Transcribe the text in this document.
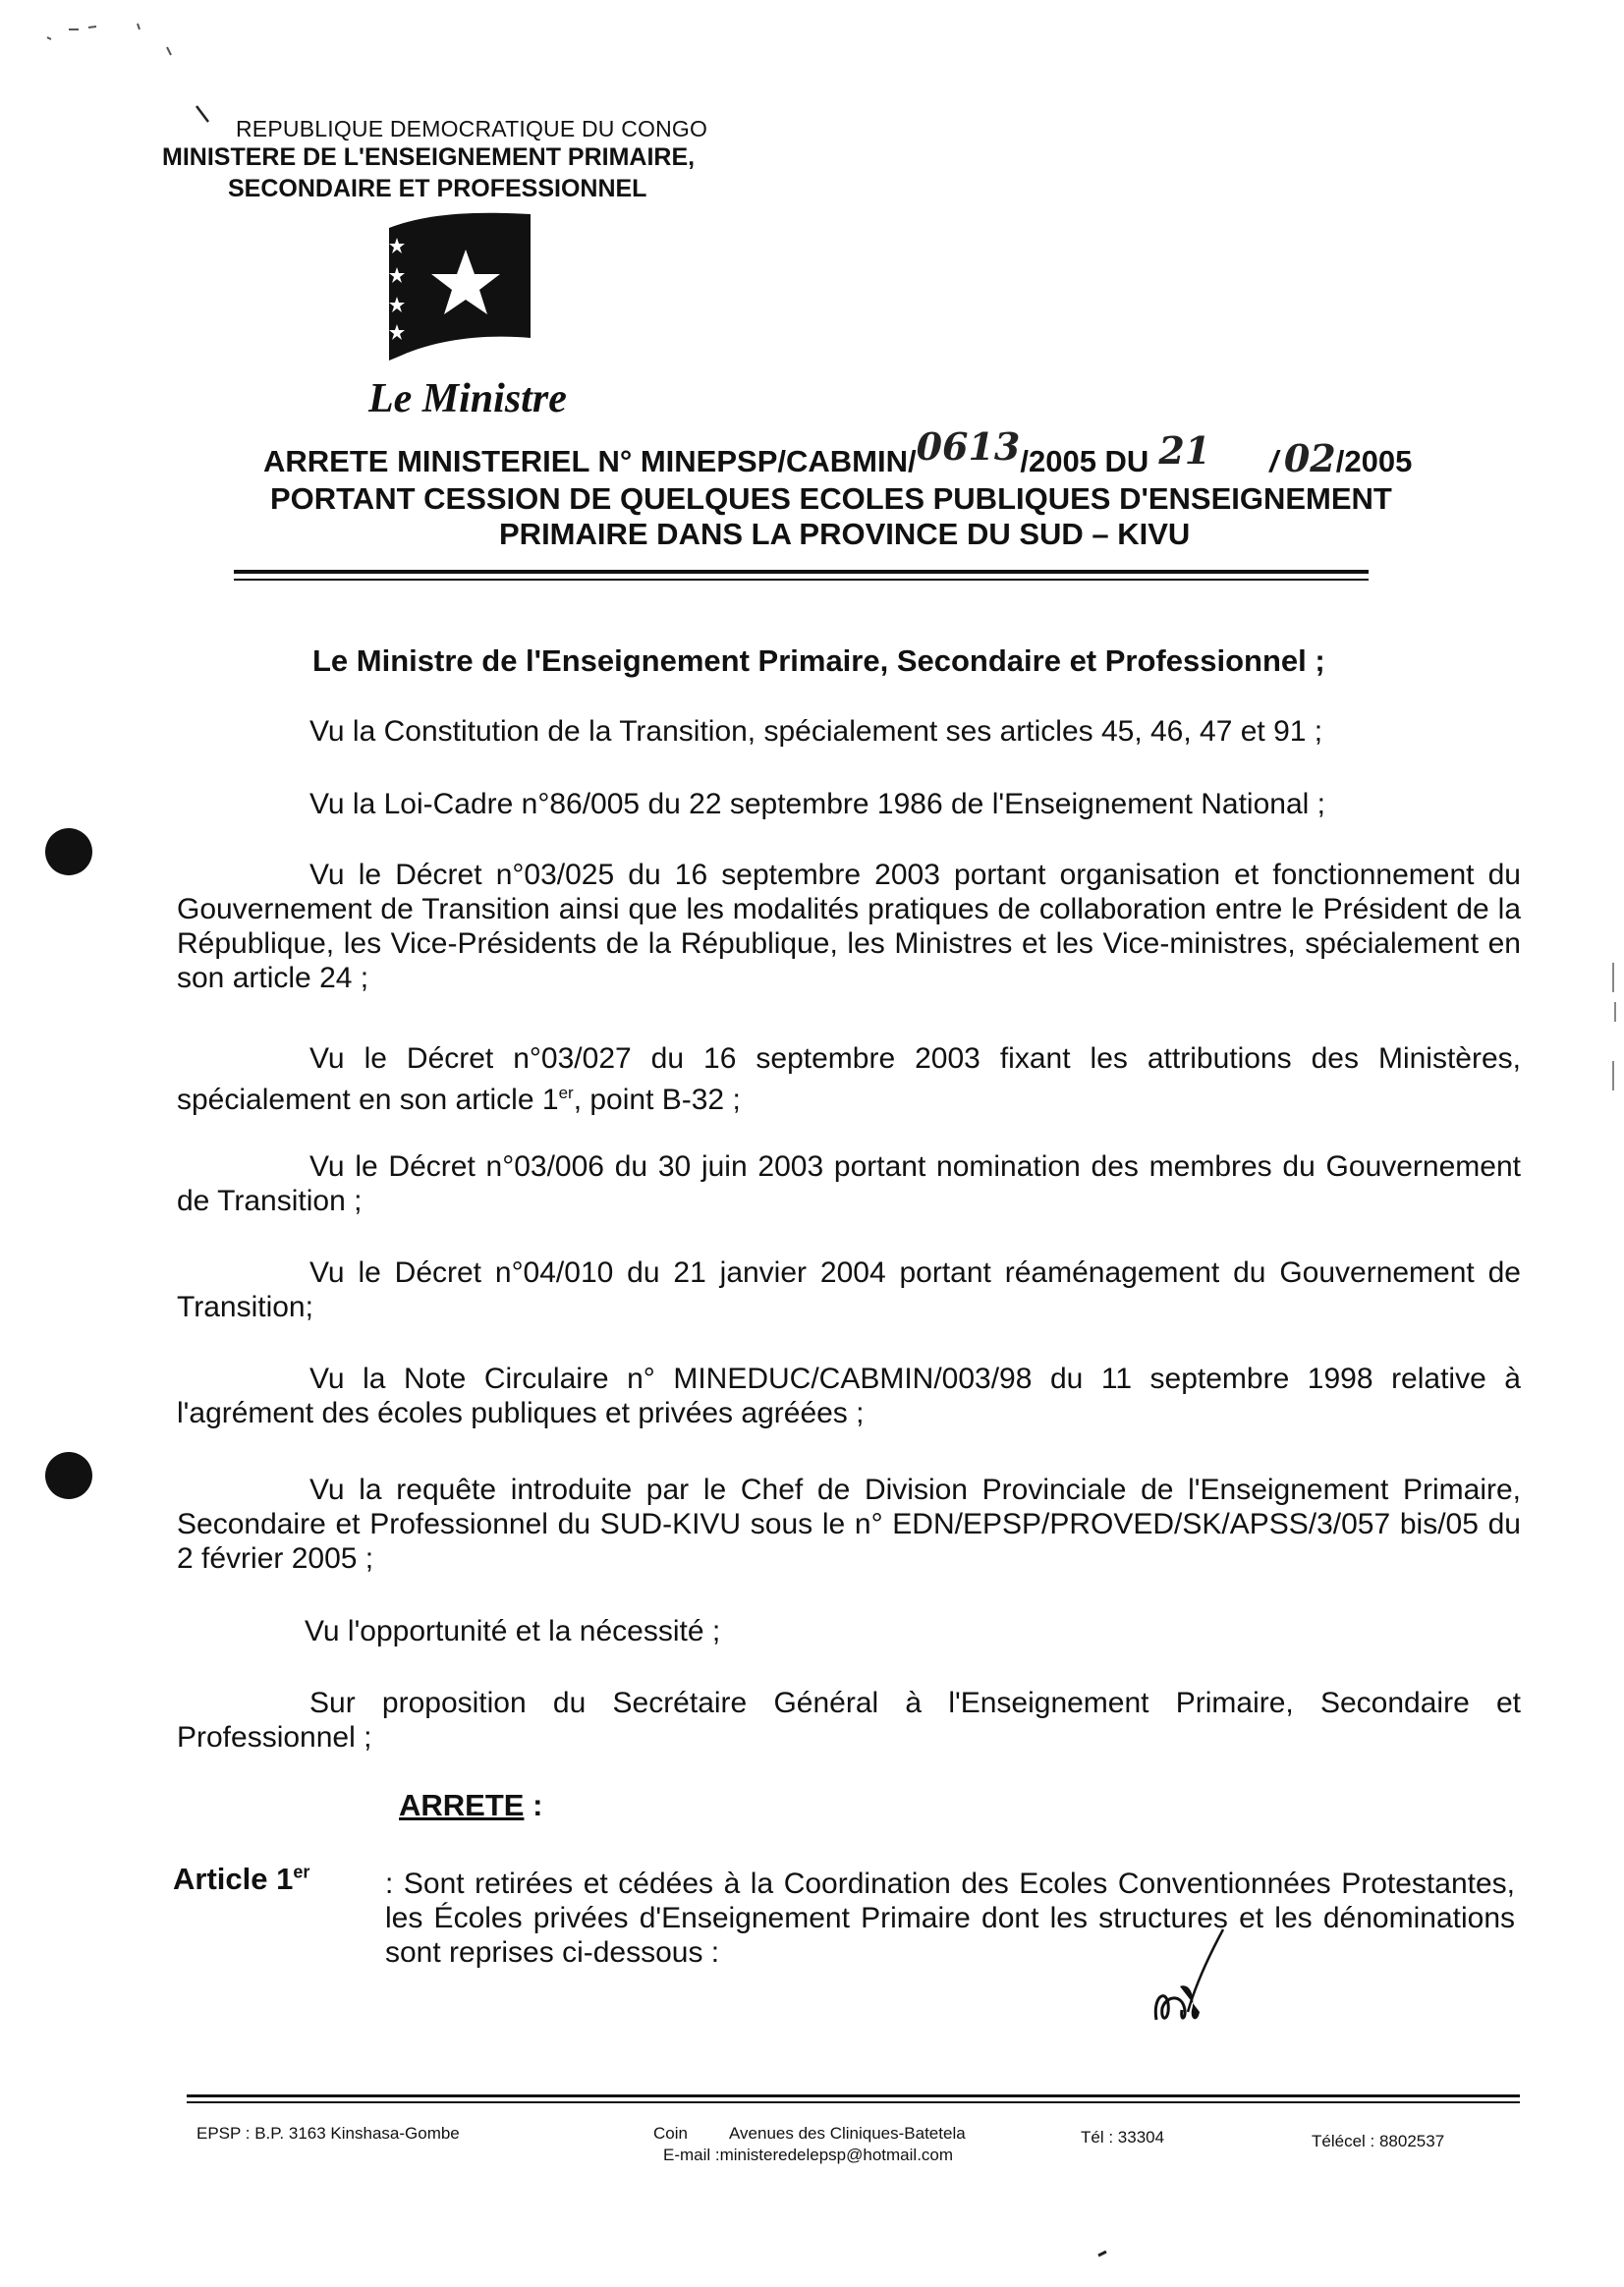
REPUBLIQUE DEMOCRATIQUE DU CONGO
MINISTERE DE L'ENSEIGNEMENT PRIMAIRE,
SECONDAIRE ET PROFESSIONNEL
Le Ministre
ARRETE MINISTERIEL N° MINEPSP/CABMIN/0613/2005 DU 21 / 02/2005
PORTANT CESSION DE QUELQUES ECOLES PUBLIQUES D'ENSEIGNEMENT
PRIMAIRE DANS LA PROVINCE DU SUD – KIVU
Le Ministre de l'Enseignement Primaire, Secondaire et Professionnel ;
Vu la Constitution de la Transition, spécialement ses articles 45, 46, 47 et 91 ;
Vu la Loi-Cadre n°86/005 du 22 septembre 1986 de l'Enseignement National ;
Vu le Décret n°03/025 du 16 septembre 2003 portant organisation et fonctionnement du Gouvernement de Transition ainsi que les modalités pratiques de collaboration entre le Président de la République, les Vice-Présidents de la République, les Ministres et les Vice-ministres, spécialement en son article 24 ;
Vu le Décret n°03/027 du 16 septembre 2003 fixant les attributions des Ministères, spécialement en son article 1er, point B-32 ;
Vu le Décret n°03/006 du 30 juin 2003 portant nomination des membres du Gouvernement de Transition ;
Vu le Décret n°04/010 du 21 janvier 2004 portant réaménagement du Gouvernement de Transition;
Vu la Note Circulaire n° MINEDUC/CABMIN/003/98 du 11 septembre 1998 relative à l'agrément des écoles publiques et privées agréées ;
Vu la requête introduite par le Chef de Division Provinciale de l'Enseignement Primaire, Secondaire et Professionnel du SUD-KIVU sous le n° EDN/EPSP/PROVED/SK/APSS/3/057 bis/05 du 2 février 2005 ;
Vu l'opportunité et la nécessité ;
Sur proposition du Secrétaire Général à l'Enseignement Primaire, Secondaire et Professionnel ;
ARRETE :
Article 1er	: Sont retirées et cédées à la Coordination des Ecoles Conventionnées Protestantes, les Écoles privées d'Enseignement Primaire dont les structures et les dénominations sont reprises ci-dessous :
EPSP : B.P. 3163 Kinshasa-Gombe	Coin Avenues des Cliniques-Batetela
E-mail :ministeredelepsp@hotmail.com
Tél : 33304	Télécel : 8802537
